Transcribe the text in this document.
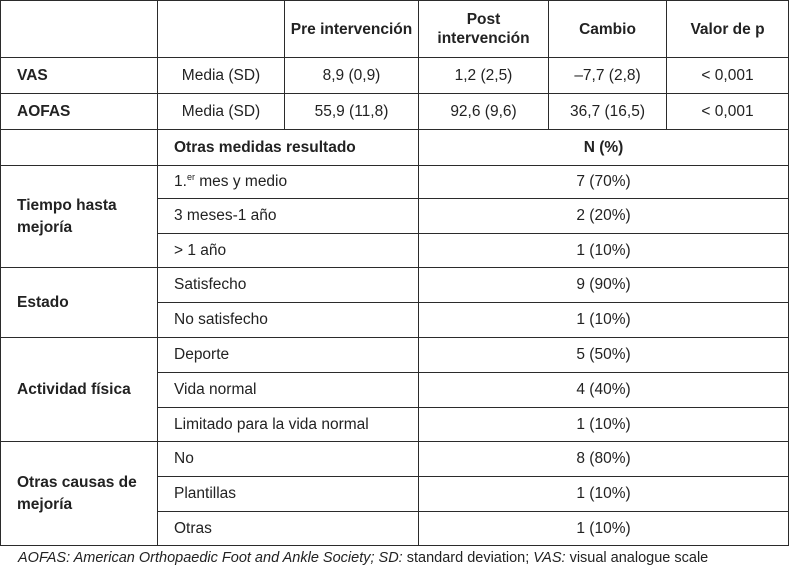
		Pre intervención	Post intervención	Cambio	Valor de p
VAS	Media (SD)	8,9 (0,9)	1,2 (2,5)	–7,7 (2,8)	< 0,001
AOFAS	Media (SD)	55,9 (11,8)	92,6 (9,6)	36,7 (16,5)	< 0,001
	Otras medidas resultado		N (%)		
Tiempo hasta mejoría	1.$^{er}$ mes y medio		7 (70%)		
	3 meses-1 año		2 (20%)		
	> 1 año		1 (10%)		
Estado	Satisfecho		9 (90%)		
	No satisfecho		1 (10%)		
Actividad física	Deporte		5 (50%)		
	Vida normal		4 (40%)		
	Limitado para la vida normal		1 (10%)		
Otras causas de mejoría	No		8 (80%)		
	Plantillas		1 (10%)		
	Otras		1 (10%)		
AOFAS: American Orthopaedic Foot and Ankle Society; SD: standard deviation; VAS: visual analogue scale
